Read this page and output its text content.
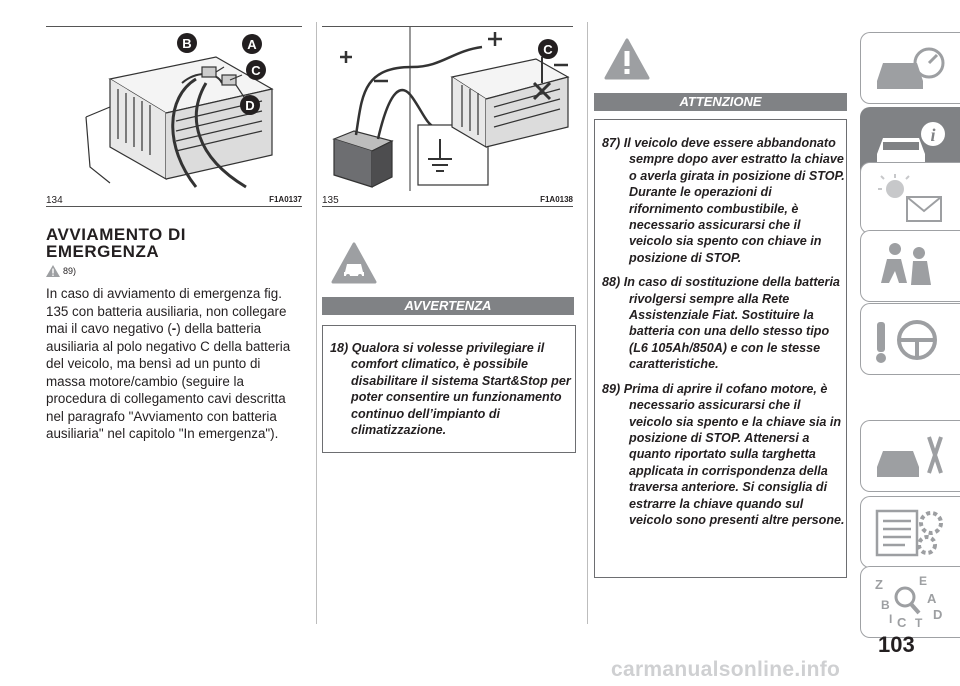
B	A
C
D
134	F1A0137
C
135	F1A0138
AVVIAMENTO DI
EMERGENZA
89)

In caso di avviamento di emergenza fig. 135 con batteria ausiliaria, non collegare mai il cavo negativo (-) della batteria ausiliaria al polo negativo C della batteria del veicolo, ma bensì ad un punto di massa motore/cambio (seguire la procedura di collegamento cavi descritta nel paragrafo "Avviamento con batteria ausiliaria" nel capitolo "In emergenza").

AVVERTENZA
18) Qualora si volesse privilegiare il comfort climatico, è possibile disabilitare il sistema Start&Stop per poter consentire un funzionamento continuo dell’impianto di climatizzazione.
ATTENZIONE
87) Il veicolo deve essere abbandonato sempre dopo aver estratto la chiave o averla girata in posizione di STOP. Durante le operazioni di rifornimento combustibile, è necessario assicurarsi che il veicolo sia spento con chiave in posizione di STOP.
88) In caso di sostituzione della batteria rivolgersi sempre alla Rete Assistenziale Fiat. Sostituire la batteria con una dello stesso tipo (L6 105Ah/850A) e con le stesse caratteristiche.
89) Prima di aprire il cofano motore, è necessario assicurarsi che il veicolo sia spento e la chiave sia in posizione di STOP. Attenersi a quanto riportato sulla targhetta applicata in corrispondenza della traversa anteriore. Si consiglia di estrarre la chiave quando sul veicolo sono presenti altre persone.
i
Z	E
B	A
I C T
D
103
carmanualsonline.info
